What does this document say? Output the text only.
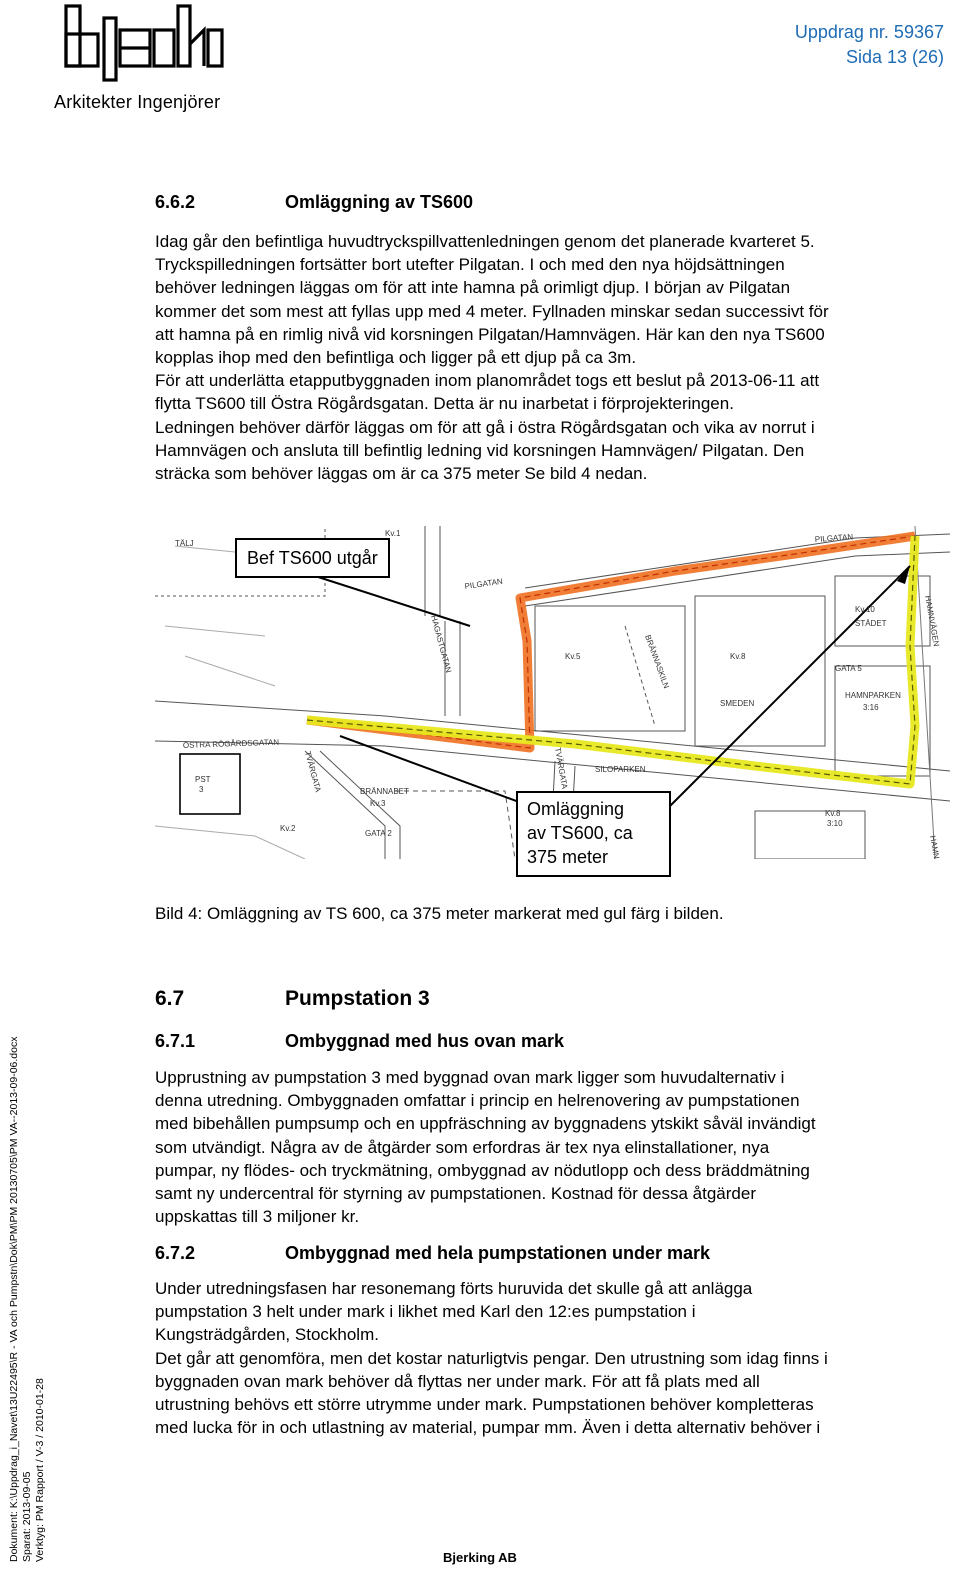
Arkitekter Ingenjörer
Uppdrag nr. 59367
Sida 13 (26)
6.6.2	Omläggning av TS600
Idag går den befintliga huvudtryckspillvattenledningen genom det planerade kvarteret 5.
Tryckspilledningen fortsätter bort utefter Pilgatan. I och med den nya höjdsättningen
behöver ledningen läggas om för att inte hamna på orimligt djup. I början av Pilgatan
kommer det som mest att fyllas upp med 4 meter. Fyllnaden minskar sedan successivt för
att hamna på en rimlig nivå vid korsningen Pilgatan/Hamnvägen. Här kan den nya TS600
kopplas ihop med den befintliga och ligger på ett djup på ca 3m.
För att underlätta etapputbyggnaden inom planområdet togs ett beslut på 2013-06-11 att
flytta TS600 till Östra Rögårdsgatan. Detta är nu inarbetat i förprojekteringen.
Ledningen behöver därför läggas om för att gå i östra Rögårdsgatan och vika av norrut i
Hamnvägen och ansluta till befintlig ledning vid korsningen Hamnvägen/ Pilgatan. Den
sträcka som behöver läggas om är ca 375 meter Se bild 4 nedan.
TÄLJ
Kv.1	PILGATAN
PILGATAN
HAGASTGATAN	Kv.5	BRÄNNASKILN	Kv.8
SMEDEN
Kv.10
STÄDET
GATA 5
HAMNPARKEN
3:16
ÖSTRA RÖGÅRDSGATAN
SILOPARKEN
TVÄRGATA
TVÄRGATA	BRÄNNABET
Kv.3
Kv.2
GATA 2
PST
3
Kv.8
3:10
HAMNVÄGEN
HAMN
Bef TS600 utgår
Omläggning
av TS600, ca
375 meter
Bild 4: Omläggning av TS 600, ca 375 meter markerat med gul färg i bilden.
6.7	Pumpstation 3
6.7.1	Ombyggnad med hus ovan mark
Upprustning av pumpstation 3 med byggnad ovan mark ligger som huvudalternativ i
denna utredning. Ombyggnaden omfattar i princip en helrenovering av pumpstationen
med bibehållen pumpsump och en uppfräschning av byggnadens ytskikt såväl invändigt
som utvändigt. Några av de åtgärder som erfordras är tex nya elinstallationer, nya
pumpar, ny flödes- och tryckmätning, ombyggnad av nödutlopp och dess bräddmätning
samt ny undercentral för styrning av pumpstationen. Kostnad för dessa åtgärder
uppskattas till 3 miljoner kr.
6.7.2	Ombyggnad med hela pumpstationen under mark
Under utredningsfasen har resonemang förts huruvida det skulle gå att anlägga
pumpstation 3 helt under mark i likhet med Karl den 12:es pumpstation i
Kungsträdgården, Stockholm.
Det går att genomföra, men det kostar naturligtvis pengar. Den utrustning som idag finns i
byggnaden ovan mark behöver då flyttas ner under mark. För att få plats med all
utrustning behövs ett större utrymme under mark. Pumpstationen behöver kompletteras
med lucka för in och utlastning av material, pumpar mm. Även i detta alternativ behöver i
Dokument: K:\Uppdrag_i_Navet\13U22495\R - VA och Pumpstn\Dok\PM\PM 20130705\PM VA--2013-09-06.docx Sparat: 2013-09-05 Verktyg: PM Rapport / V-3 / 2010-01-28	Bjerking AB
